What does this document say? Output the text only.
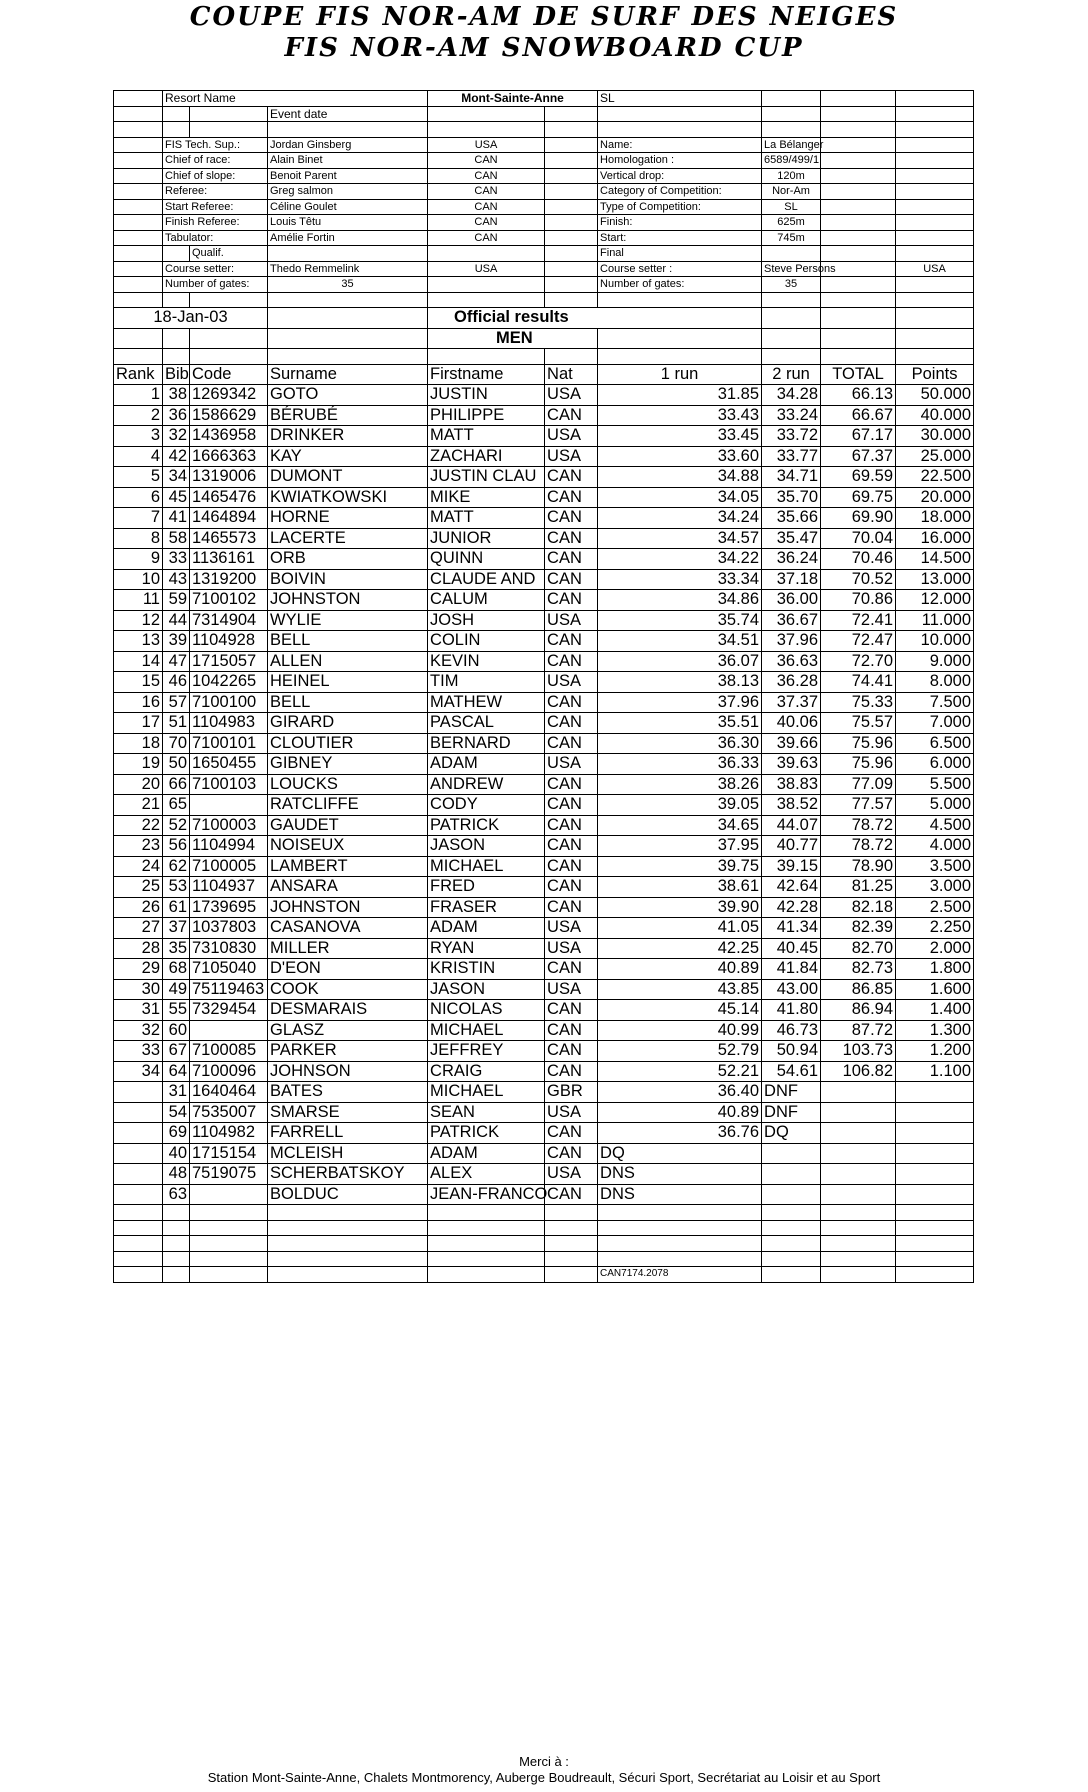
COUPE FIS NOR-AM DE SURF DES NEIGES
FIS NOR-AM SNOWBOARD CUP
	Resort Name			Mont-Sainte-Anne		SL			
			Event date						

	FIS Tech. Sup.:		Jordan Ginsberg	USA		Name:	La Bélanger		
	Chief of race:		Alain Binet	CAN		Homologation :	6589/499/1		
	Chief of slope:		Benoit Parent	CAN		Vertical drop:	120m		
	Referee:		Greg salmon	CAN		Category of Competition:	Nor-Am		
	Start Referee:		Céline Goulet	CAN		Type of Competition:	SL		
	Finish Referee:		Louis Têtu	CAN		Finish:	625m		
	Tabulator:		Amélie Fortin	CAN		Start:	745m		
		Qualif.				Final			
	Course setter:		Thedo Remmelink	USA		Course setter :	Steve Persons		USA
	Number of gates:		35			Number of gates:	35		

18-Jan-03				Official results					
				MEN					

Rank	Bib	Code	Surname	Firstname	Nat	1 run	2 run	TOTAL	Points
1	38	1269342	GOTO	JUSTIN	USA	31.85	34.28	66.13	50.000
2	36	1586629	BÉRUBÉ	PHILIPPE	CAN	33.43	33.24	66.67	40.000
3	32	1436958	DRINKER	MATT	USA	33.45	33.72	67.17	30.000
4	42	1666363	KAY	ZACHARI	USA	33.60	33.77	67.37	25.000
5	34	1319006	DUMONT	JUSTIN CLAU	CAN	34.88	34.71	69.59	22.500
6	45	1465476	KWIATKOWSKI	MIKE	CAN	34.05	35.70	69.75	20.000
7	41	1464894	HORNE	MATT	CAN	34.24	35.66	69.90	18.000
8	58	1465573	LACERTE	JUNIOR	CAN	34.57	35.47	70.04	16.000
9	33	1136161	ORB	QUINN	CAN	34.22	36.24	70.46	14.500
10	43	1319200	BOIVIN	CLAUDE AND	CAN	33.34	37.18	70.52	13.000
11	59	7100102	JOHNSTON	CALUM	CAN	34.86	36.00	70.86	12.000
12	44	7314904	WYLIE	JOSH	USA	35.74	36.67	72.41	11.000
13	39	1104928	BELL	COLIN	CAN	34.51	37.96	72.47	10.000
14	47	1715057	ALLEN	KEVIN	CAN	36.07	36.63	72.70	9.000
15	46	1042265	HEINEL	TIM	USA	38.13	36.28	74.41	8.000
16	57	7100100	BELL	MATHEW	CAN	37.96	37.37	75.33	7.500
17	51	1104983	GIRARD	PASCAL	CAN	35.51	40.06	75.57	7.000
18	70	7100101	CLOUTIER	BERNARD	CAN	36.30	39.66	75.96	6.500
19	50	1650455	GIBNEY	ADAM	USA	36.33	39.63	75.96	6.000
20	66	7100103	LOUCKS	ANDREW	CAN	38.26	38.83	77.09	5.500
21	65		RATCLIFFE	CODY	CAN	39.05	38.52	77.57	5.000
22	52	7100003	GAUDET	PATRICK	CAN	34.65	44.07	78.72	4.500
23	56	1104994	NOISEUX	JASON	CAN	37.95	40.77	78.72	4.000
24	62	7100005	LAMBERT	MICHAEL	CAN	39.75	39.15	78.90	3.500
25	53	1104937	ANSARA	FRED	CAN	38.61	42.64	81.25	3.000
26	61	1739695	JOHNSTON	FRASER	CAN	39.90	42.28	82.18	2.500
27	37	1037803	CASANOVA	ADAM	USA	41.05	41.34	82.39	2.250
28	35	7310830	MILLER	RYAN	USA	42.25	40.45	82.70	2.000
29	68	7105040	D'EON	KRISTIN	CAN	40.89	41.84	82.73	1.800
30	49	75119463	COOK	JASON	USA	43.85	43.00	86.85	1.600
31	55	7329454	DESMARAIS	NICOLAS	CAN	45.14	41.80	86.94	1.400
32	60		GLASZ	MICHAEL	CAN	40.99	46.73	87.72	1.300
33	67	7100085	PARKER	JEFFREY	CAN	52.79	50.94	103.73	1.200
34	64	7100096	JOHNSON	CRAIG	CAN	52.21	54.61	106.82	1.100
	31	1640464	BATES	MICHAEL	GBR	36.40	DNF		
	54	7535007	SMARSE	SEAN	USA	40.89	DNF		
	69	1104982	FARRELL	PATRICK	CAN	36.76	DQ		
	40	1715154	MCLEISH	ADAM	CAN	DQ			
	48	7519075	SCHERBATSKOY	ALEX	USA	DNS			
	63		BOLDUC	JEAN-FRANCO	CAN	DNS			

						CAN7174.2078			
Merci à :
Station Mont-Sainte-Anne, Chalets Montmorency, Auberge Boudreault, Sécuri Sport, Secrétariat au Loisir et au Sport
